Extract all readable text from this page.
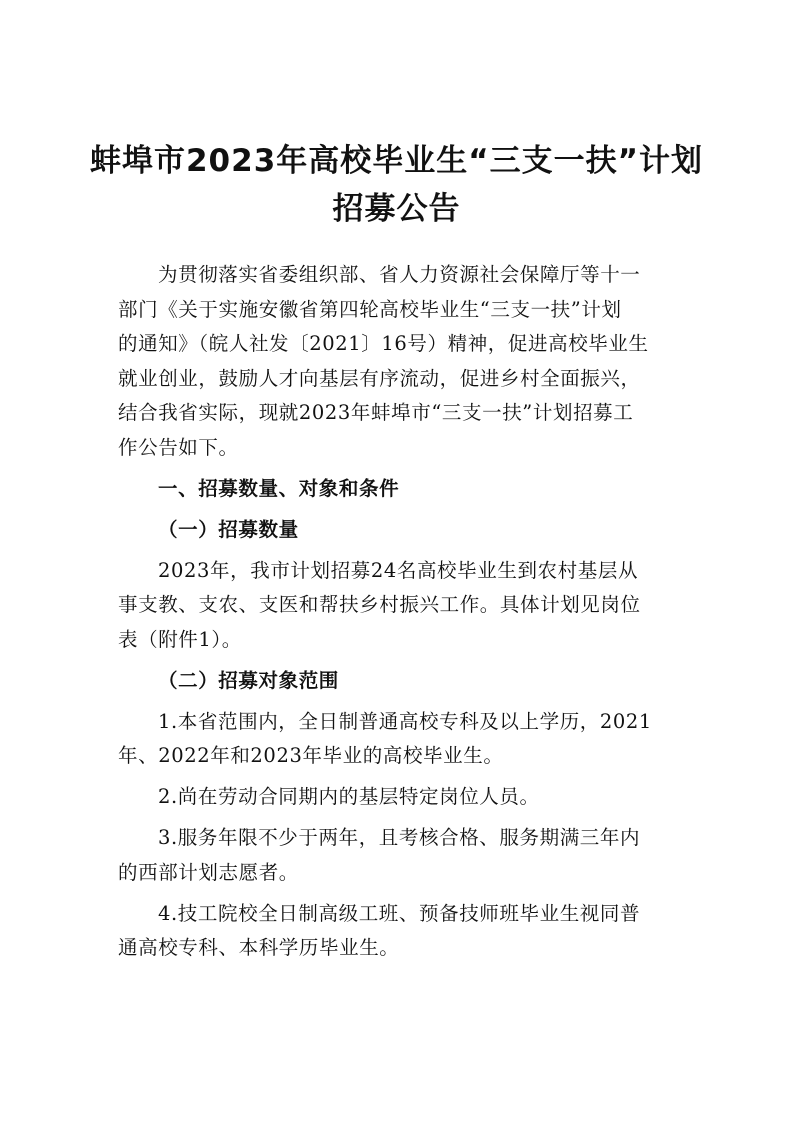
蚌埠市2023年高校毕业生“三支一扶”计划
招募公告
为贯彻落实省委组织部、省人力资源社会保障厅等十一
部门《关于实施安徽省第四轮高校毕业生“三支一扶”计划
的通知》（皖人社发〔2021〕16号）精神，促进高校毕业生
就业创业，鼓励人才向基层有序流动，促进乡村全面振兴，
结合我省实际，现就2023年蚌埠市“三支一扶”计划招募工
作公告如下。
一、招募数量、对象和条件
（一）招募数量
2023年，我市计划招募24名高校毕业生到农村基层从
事支教、支农、支医和帮扶乡村振兴工作。具体计划见岗位
表（附件1）。
（二）招募对象范围
1.本省范围内，全日制普通高校专科及以上学历，2021
年、2022年和2023年毕业的高校毕业生。
2.尚在劳动合同期内的基层特定岗位人员。
3.服务年限不少于两年，且考核合格、服务期满三年内
的西部计划志愿者。
4.技工院校全日制高级工班、预备技师班毕业生视同普
通高校专科、本科学历毕业生。
